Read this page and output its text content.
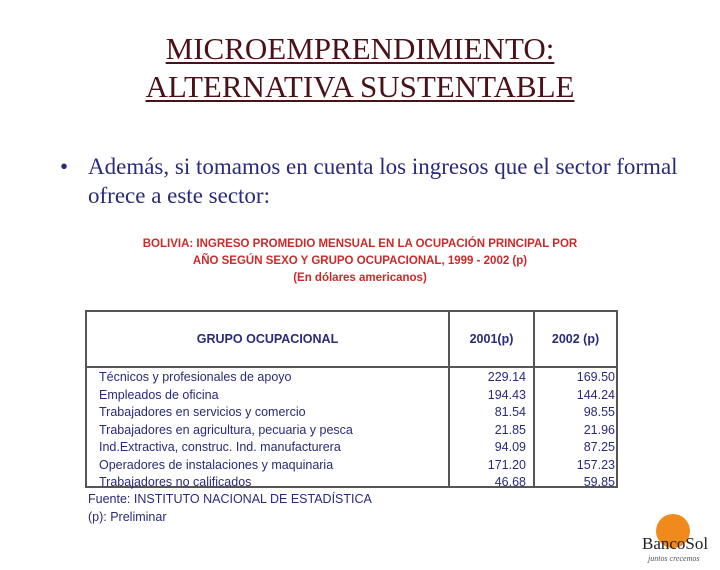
MICROEMPRENDIMIENTO:
ALTERNATIVA SUSTENTABLE
• Además, si tomamos en cuenta los ingresos que el sector formal ofrece a este sector:
BOLIVIA: INGRESO PROMEDIO MENSUAL EN LA OCUPACIÓN PRINCIPAL POR
AÑO SEGÚN SEXO Y GRUPO OCUPACIONAL, 1999 - 2002 (p)
(En dólares americanos)
GRUPO OCUPACIONAL	2001(p)	2002 (p)
Técnicos y profesionales de apoyo	229.14	169.50
Empleados de oficina	194.43	144.24
Trabajadores en servicios y comercio	81.54	98.55
Trabajadores en agricultura, pecuaria y pesca	21.85	21.96
Ind.Extractiva, construc. Ind. manufacturera	94.09	87.25
Operadores de instalaciones y maquinaria	171.20	157.23
Trabajadores no calificados	46.68	59.85
Fuente: INSTITUTO NACIONAL DE ESTADÍSTICA
(p): Preliminar
BancoSol
juntos crecemos
